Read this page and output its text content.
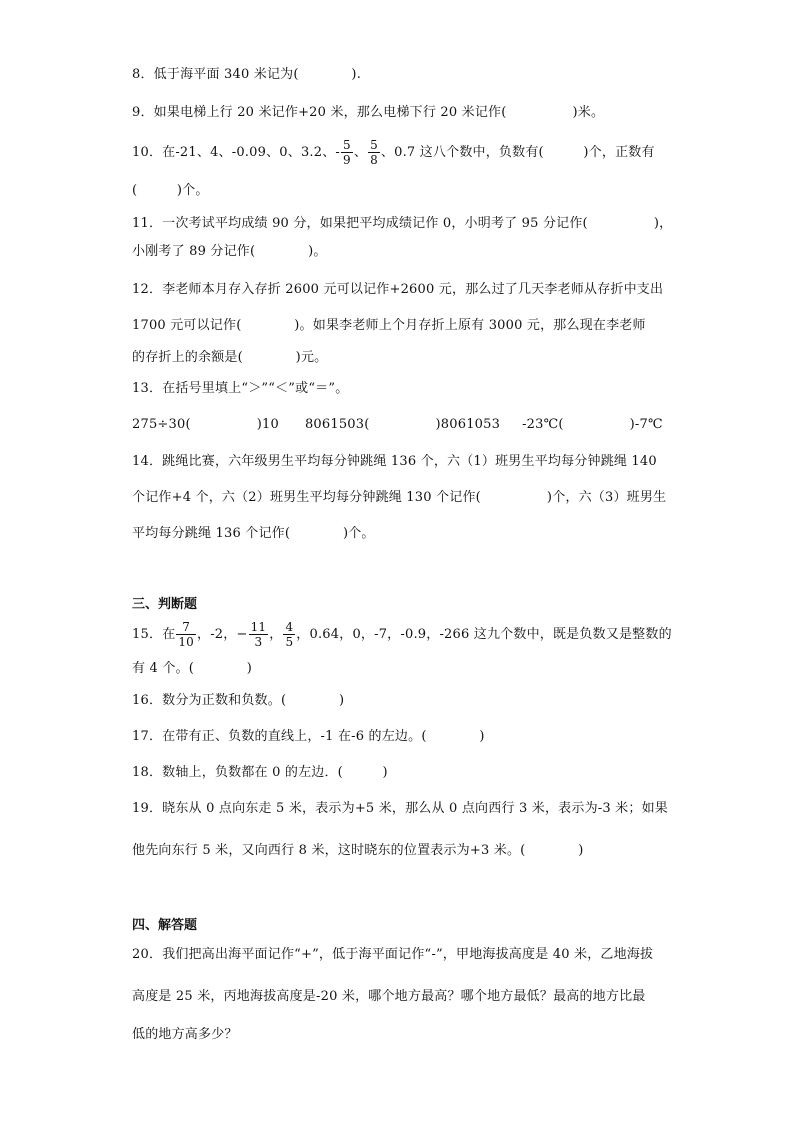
8．低于海平面 340 米记为(　　　　).
9．如果电梯上行 20 米记作+20 米，那么电梯下行 20 米记作(　　　　　)米。
10．在-21、4、-0.09、0、3.2、- $\frac{5}{9}$ 、 $\frac{5}{8}$ 、0.7 这八个数中，负数有(　　　)个，正数有
(　　　)个。
11．一次考试平均成绩 90 分，如果把平均成绩记作 0，小明考了 95 分记作(　　　　　)，
小刚考了 89 分记作(　　　　)。
12．李老师本月存入存折 2600 元可以记作+2600 元，那么过了几天李老师从存折中支出
1700 元可以记作(　　　　)。如果李老师上个月存折上原有 3000 元，那么现在李老师
的存折上的余额是(　　　　)元。
13．在括号里填上“＞”“＜”或“＝”。
275÷30(　　　　　)10 8061503(　　　　　)8061053 -23℃(　　　　　)-7℃
14．跳绳比赛，六年级男生平均每分钟跳绳 136 个，六（1）班男生平均每分钟跳绳 140
个记作+4 个，六（2）班男生平均每分钟跳绳 130 个记作(　　　　　)个，六（3）班男生
平均每分跳绳 136 个记作(　　　　)个。
三、判断题
15．在 $\frac{7}{10}$ ，-2，− $\frac{11}{3}$ ， $\frac{4}{5}$ ，0.64，0，-7，-0.9，-266 这九个数中，既是负数又是整数的
有 4 个。(　　　　)
16．数分为正数和负数。(　　　　)
17．在带有正、负数的直线上，-1 在-6 的左边。(　　　　)
18．数轴上，负数都在 0 的左边．(　　　)
19．晓东从 0 点向东走 5 米，表示为+5 米，那么从 0 点向西行 3 米，表示为-3 米；如果
他先向东行 5 米，又向西行 8 米，这时晓东的位置表示为+3 米。(　　　　)
四、解答题
20．我们把高出海平面记作“+”，低于海平面记作“-”，甲地海拔高度是 40 米，乙地海拔
高度是 25 米，丙地海拔高度是-20 米，哪个地方最高？哪个地方最低？最高的地方比最
低的地方高多少？
